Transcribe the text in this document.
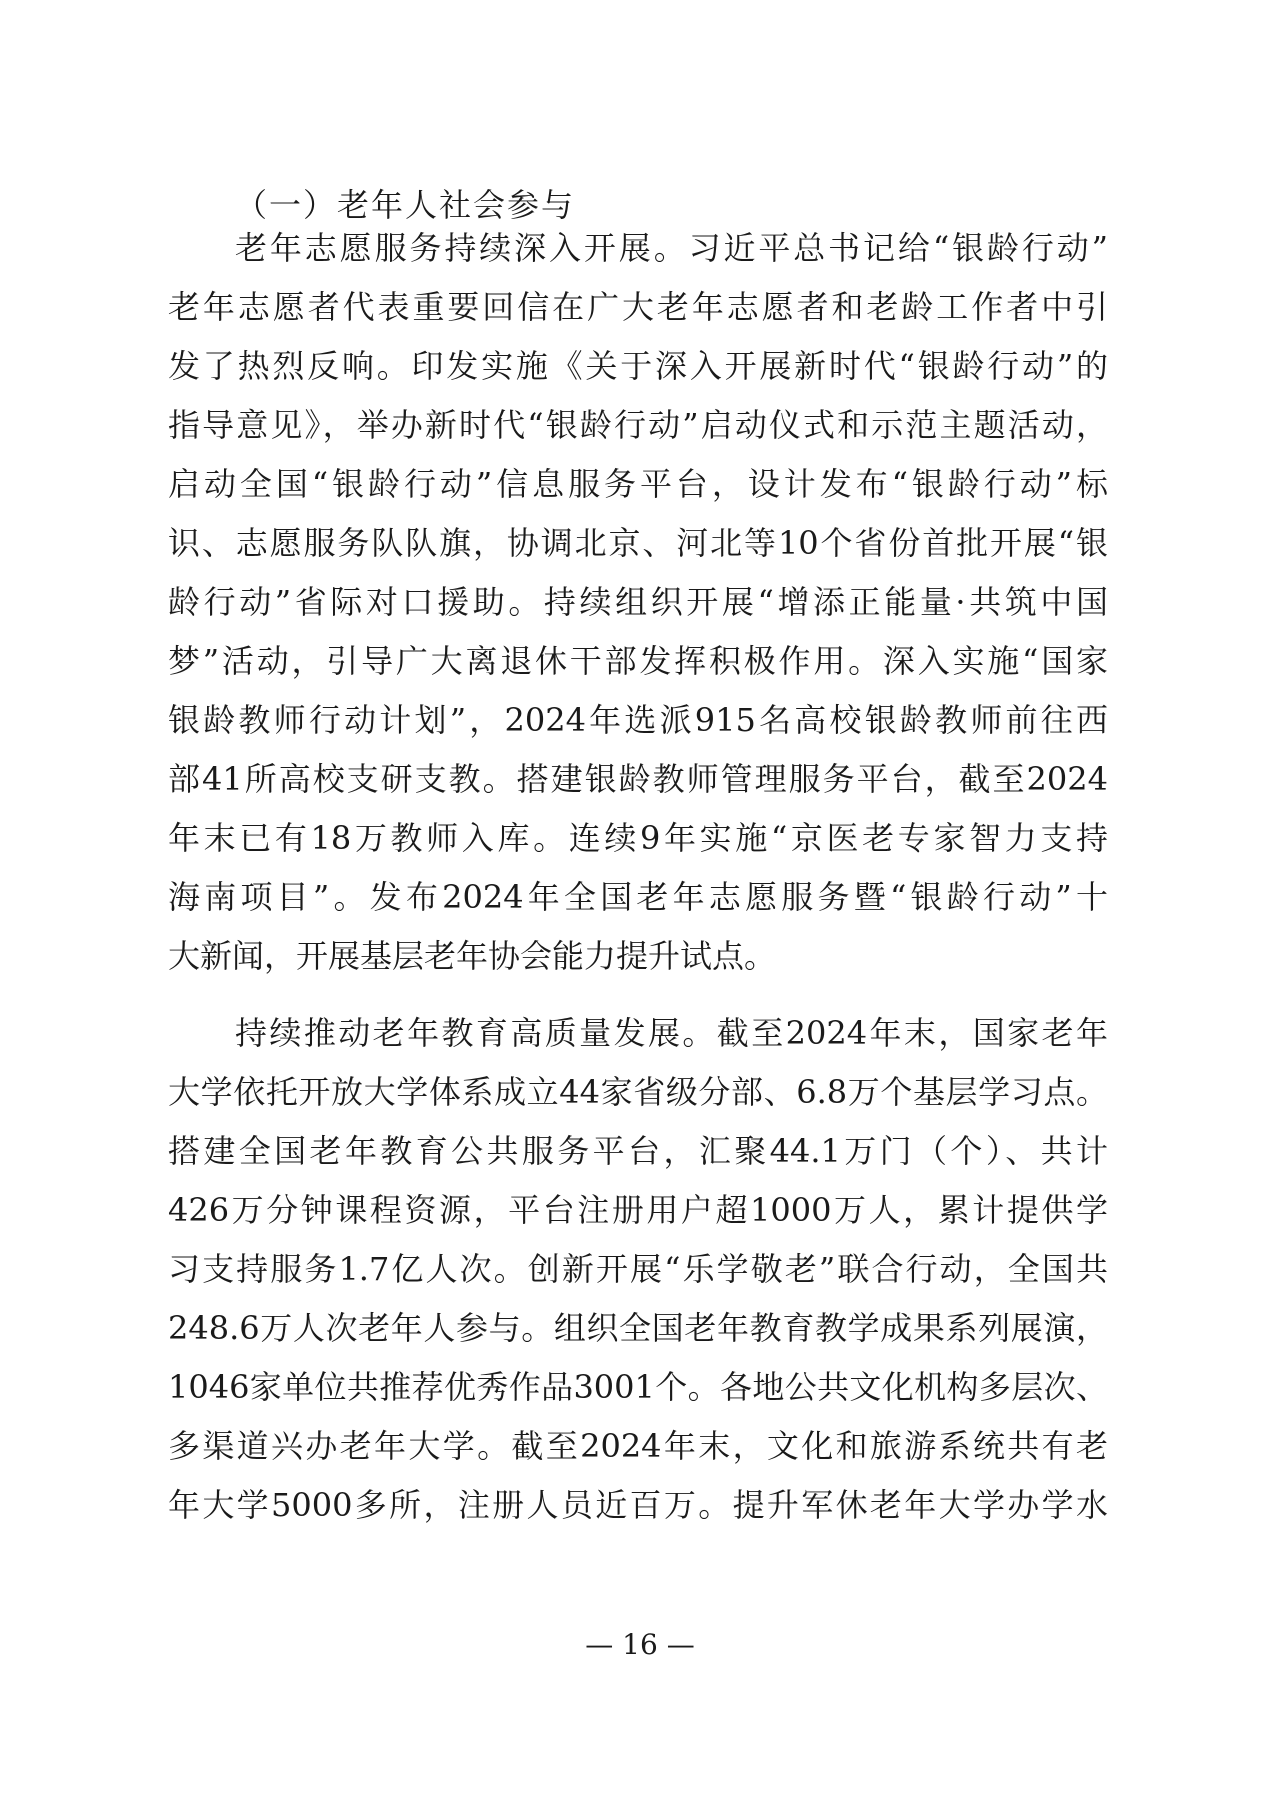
（一）老年人社会参与
老年志愿服务持续深入开展。习近平总书记给“银龄行动”
老年志愿者代表重要回信在广大老年志愿者和老龄工作者中引
发了热烈反响。印发实施《关于深入开展新时代“银龄行动”的
指导意见》，举办新时代“银龄行动”启动仪式和示范主题活动，
启动全国“银龄行动”信息服务平台，设计发布“银龄行动”标
识、志愿服务队队旗，协调北京、河北等10个省份首批开展“银
龄行动”省际对口援助。持续组织开展“增添正能量·共筑中国
梦”活动，引导广大离退休干部发挥积极作用。深入实施“国家
银龄教师行动计划”，2024年选派915名高校银龄教师前往西
部41所高校支研支教。搭建银龄教师管理服务平台，截至2024
年末已有18万教师入库。连续9年实施“京医老专家智力支持
海南项目”。发布2024年全国老年志愿服务暨“银龄行动”十
大新闻，开展基层老年协会能力提升试点。
持续推动老年教育高质量发展。截至2024年末，国家老年
大学依托开放大学体系成立44家省级分部、6.8万个基层学习点。
搭建全国老年教育公共服务平台，汇聚44.1万门（个）、共计
426万分钟课程资源，平台注册用户超1000万人，累计提供学
习支持服务1.7亿人次。创新开展“乐学敬老”联合行动，全国共
248.6万人次老年人参与。组织全国老年教育教学成果系列展演，
1046家单位共推荐优秀作品3001个。各地公共文化机构多层次、
多渠道兴办老年大学。截至2024年末，文化和旅游系统共有老
年大学5000多所，注册人员近百万。提升军休老年大学办学水
— 16 —
